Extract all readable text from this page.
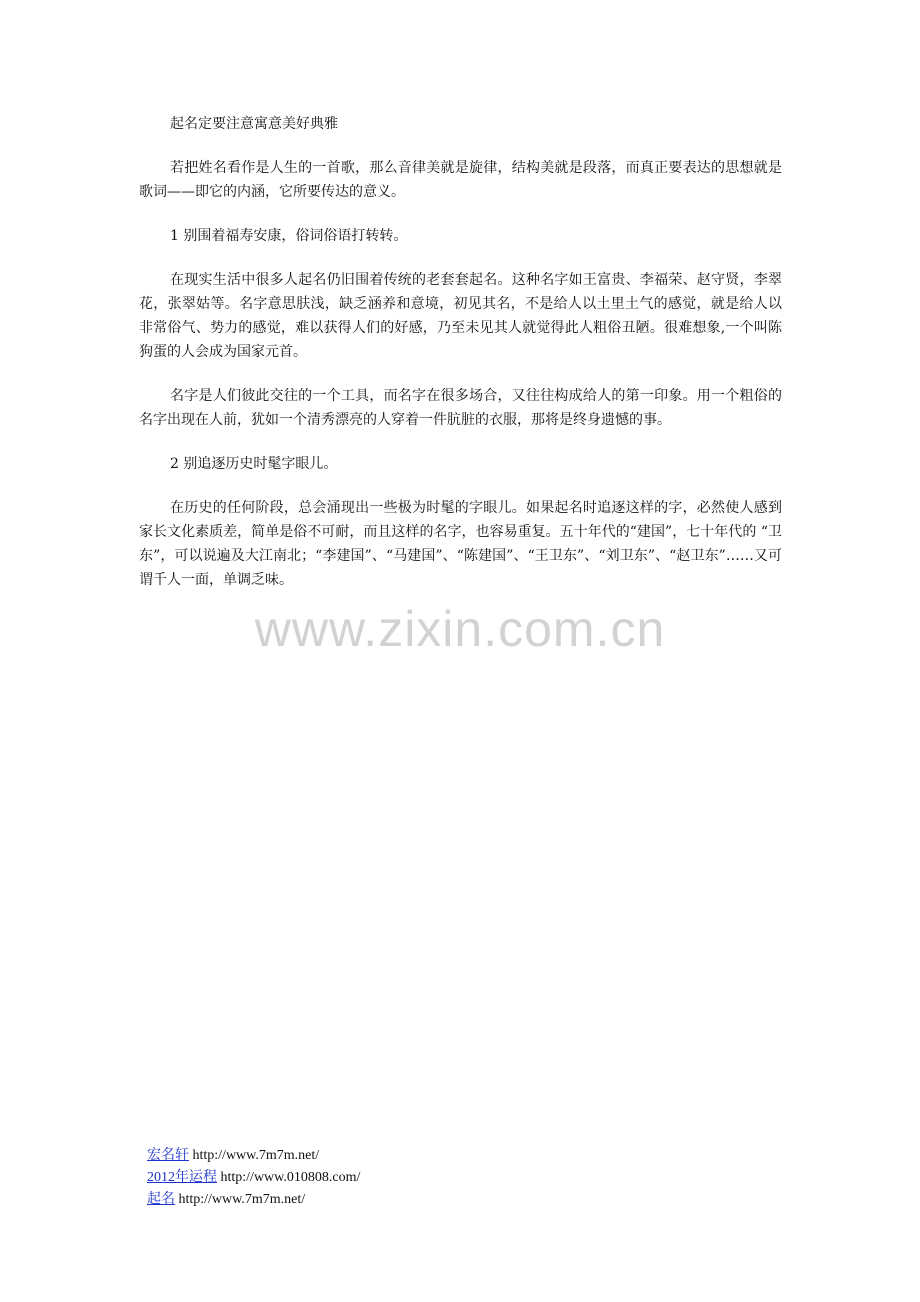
起名定要注意寓意美好典雅

若把姓名看作是人生的一首歌，那么音律美就是旋律，结构美就是段落，而真正要表达的思想就是歌词——即它的内涵，它所要传达的意义。

1 别围着福寿安康，俗词俗语打转转。

在现实生活中很多人起名仍旧围着传统的老套套起名。这种名字如王富贵、李福荣、赵守贤，李翠花，张翠姑等。名字意思肤浅，缺乏涵养和意境，初见其名，不是给人以土里土气的感觉，就是给人以非常俗气、势力的感觉，难以获得人们的好感，乃至未见其人就觉得此人粗俗丑陋。很难想象,一个叫陈狗蛋的人会成为国家元首。

名字是人们彼此交往的一个工具，而名字在很多场合，又往往构成给人的第一印象。用一个粗俗的名字出现在人前，犹如一个清秀漂亮的人穿着一件肮脏的衣服，那将是终身遗憾的事。

2 别追逐历史时髦字眼儿。

在历史的任何阶段，总会涌现出一些极为时髦的字眼儿。如果起名时追逐这样的字，必然使人感到家长文化素质差，简单是俗不可耐，而且这样的名字，也容易重复。五十年代的“建国”，七十年代的 “卫东”，可以说遍及大江南北；“李建国”、“马建国”、“陈建国”、“王卫东”、“刘卫东”、“赵卫东”……又可谓千人一面，单调乏味。

www.zixin.com.cn
宏名轩 http://www.7m7m.net/
2012年运程 http://www.010808.com/
起名 http://www.7m7m.net/
